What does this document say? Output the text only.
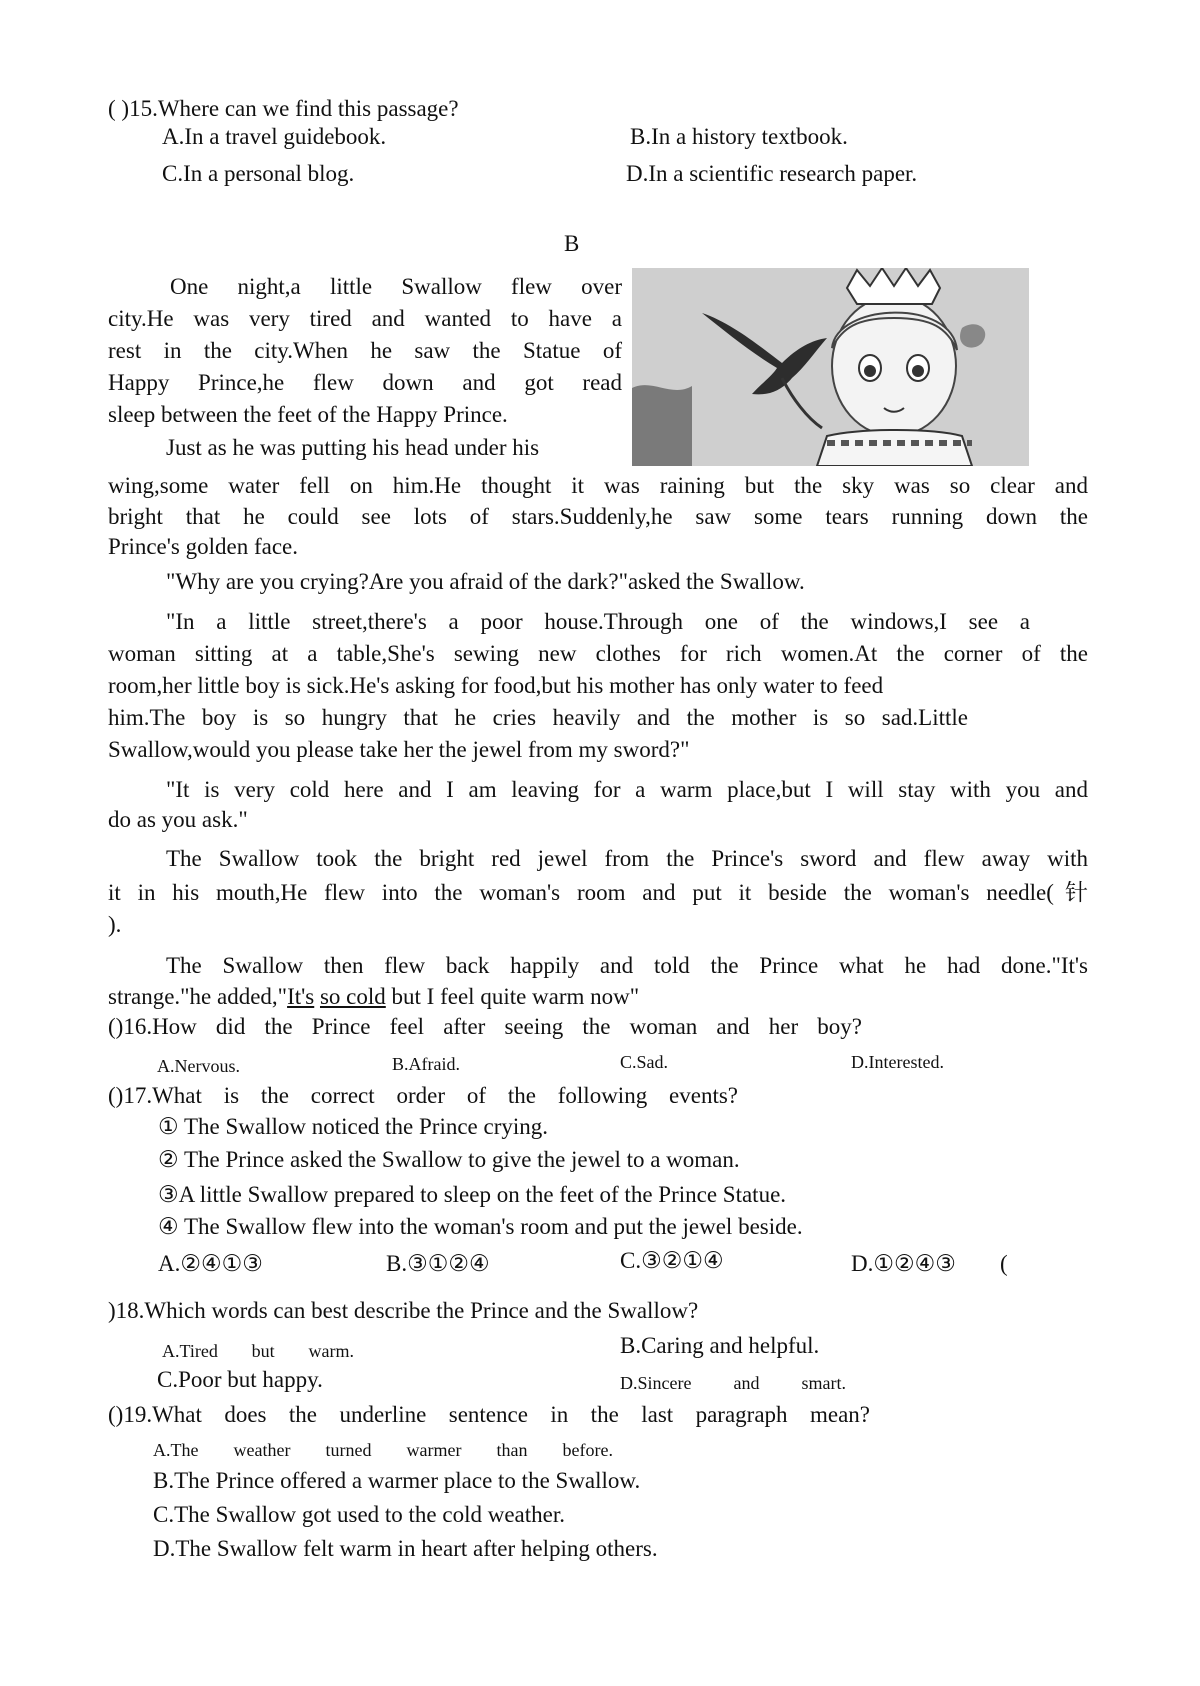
( )15.Where can we find this passage?
A.In a travel guidebook.	B.In a history textbook.
C.In a personal blog.	D.In a scientific research paper.
B
One night,a little Swallow flew over
city.He was very tired and wanted to have a
rest in the city.When he saw the Statue of
Happy Prince,he flew down and got read
sleep between the feet of the Happy Prince.
Just as he was putting his head under his
wing,some water fell on him.He thought it was raining but the sky was so clear and
bright that he could see lots of stars.Suddenly,he saw some tears running down the
Prince's golden face.
"Why are you crying?Are you afraid of the dark?"asked the Swallow.
"In a little street,there's a poor house.Through one of the windows,I see a
woman sitting at a table,She's sewing new clothes for rich women.At the corner of the
room,her little boy is sick.He's asking for food,but his mother has only water to feed
him.The boy is so hungry that he cries heavily and the mother is so sad.Little
Swallow,would you please take her the jewel from my sword?"
"It is very cold here and I am leaving for a warm place,but I will stay with you and
do as you ask."
The Swallow took the bright red jewel from the Prince's sword and flew away with
it in his mouth,He flew into the woman's room and put it beside the woman's needle(针
).
The Swallow then flew back happily and told the Prince what he had done."It's
strange."he added,"It's so cold but I feel quite warm now"
()16.How did the Prince feel after seeing the woman and her boy?
A.Nervous.	B.Afraid.	C.Sad.	D.Interested.
()17.What is the correct order of the following events?
① The Swallow noticed the Prince crying.
② The Prince asked the Swallow to give the jewel to a woman.
③A little Swallow prepared to sleep on the feet of the Prince Statue.
④ The Swallow flew into the woman's room and put the jewel beside.
A.②④①③	B.③①②④	C.③②①④	D.①②④③ (
)18.Which words can best describe the Prince and the Swallow?
A.Tired but warm.	B.Caring and helpful.
C.Poor but happy.	D.Sincere and smart.
()19.What does the underline sentence in the last paragraph mean?
A.The weather turned warmer than before.
B.The Prince offered a warmer place to the Swallow.
C.The Swallow got used to the cold weather.
D.The Swallow felt warm in heart after helping others.
